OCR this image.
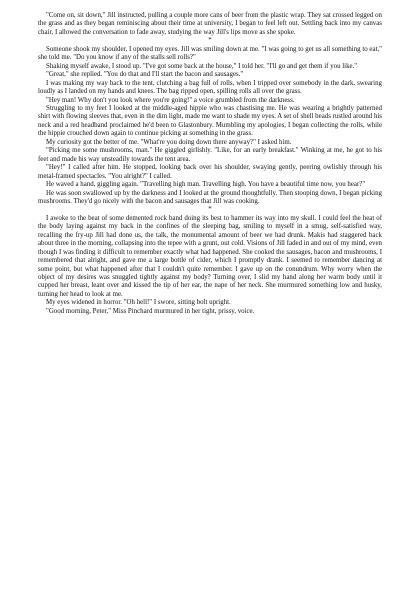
"Come on, sit down," Jill instructed, pulling a couple more cans of beer from the plastic wrap. They sat crossed legged on the grass and as they began reminiscing about their time at university, I began to feel left out. Settling back into my canvas chair, I allowed the conversation to fade away, studying the way Jill's lips move as she spoke.

*

Someone shook my shoulder, I opened my eyes. Jill was smiling down at me. "I was going to get us all something to eat," she told me. "Do you know if any of the stalls sell rolls?"

Shaking myself awake, I stood up. "I've got some back at the house," I told her. "I'll go and get them if you like."

"Great," she replied. "You do that and I'll start the bacon and sausages."

I was making my way back to the tent, clutching a bag full of rolls, when I tripped over somebody in the dark, swearing loudly as I landed on my hands and knees. The bag ripped open, spilling rolls all over the grass.

"Hey man! Why don't you look where you're going!" a voice grumbled from the darkness.

Struggling to my feet I looked at the middle-aged hippie who was chastising me. He was wearing a brightly patterned shirt with flowing sleeves that, even in the dim light, made me want to shade my eyes. A set of shell beads rustled around his neck and a red headband proclaimed he'd been to Glastonbury. Mumbling my apologies, I began collecting the rolls, while the hippie crouched down again to continue picking at something in the grass.

My curiosity got the better of me. "What're you doing down there anyway?" I asked him.

"Picking me some mushrooms, man." He giggled girlishly. "Like, for an early breakfast." Winking at me, he got to his feet and made his way unsteadily towards the tent area.

"Hey!" I called after him. He stopped, looking back over his shoulder, swaying gently, peering owlishly through his metal-framed spectacles. "You alright?" I called.

He waved a hand, giggling again. "Travelling high man. Travelling high. You have a beautiful time now, you hear?"

He was soon swallowed up by the darkness and I looked at the ground thoughtfully. Then stooping down, I began picking mushrooms. They'd go nicely with the bacon and sausages that Jill was cooking.

*

I awoke to the beat of some demented rock band doing its best to hammer its way into my skull. I could feel the heat of the body laying against my back in the confines of the sleeping bag, smiling to myself in a smug, self-satisfied way, recalling the fry-up Jill had done us, the talk, the monumental amount of beer we had drunk. Makis had staggered back about three in the morning, collapsing into the tepee with a grunt, out cold. Visions of Jill faded in and out of my mind, even though I was finding it difficult to remember exactly what had happened. She cooked the sausages, bacon and mushrooms, I remembered that alright, and gave me a large bottle of cider, which I promptly drank. I seemed to remember dancing at some point, but what happened after that I couldn't quite remember. I gave up on the conundrum. Why worry when the object of my desires was snuggled tightly against my body? Turning over, I slid my hand along her warm body until it cupped her breast, leant over and kissed the tip of her ear, the nape of her neck. She murmured something low and husky, turning her head to look at me.

My eyes widened in horror. "Oh hell!" I swore, sitting bolt upright.

"Good morning, Peter," Miss Pinchard murmured in her tight, prissy, voice.
